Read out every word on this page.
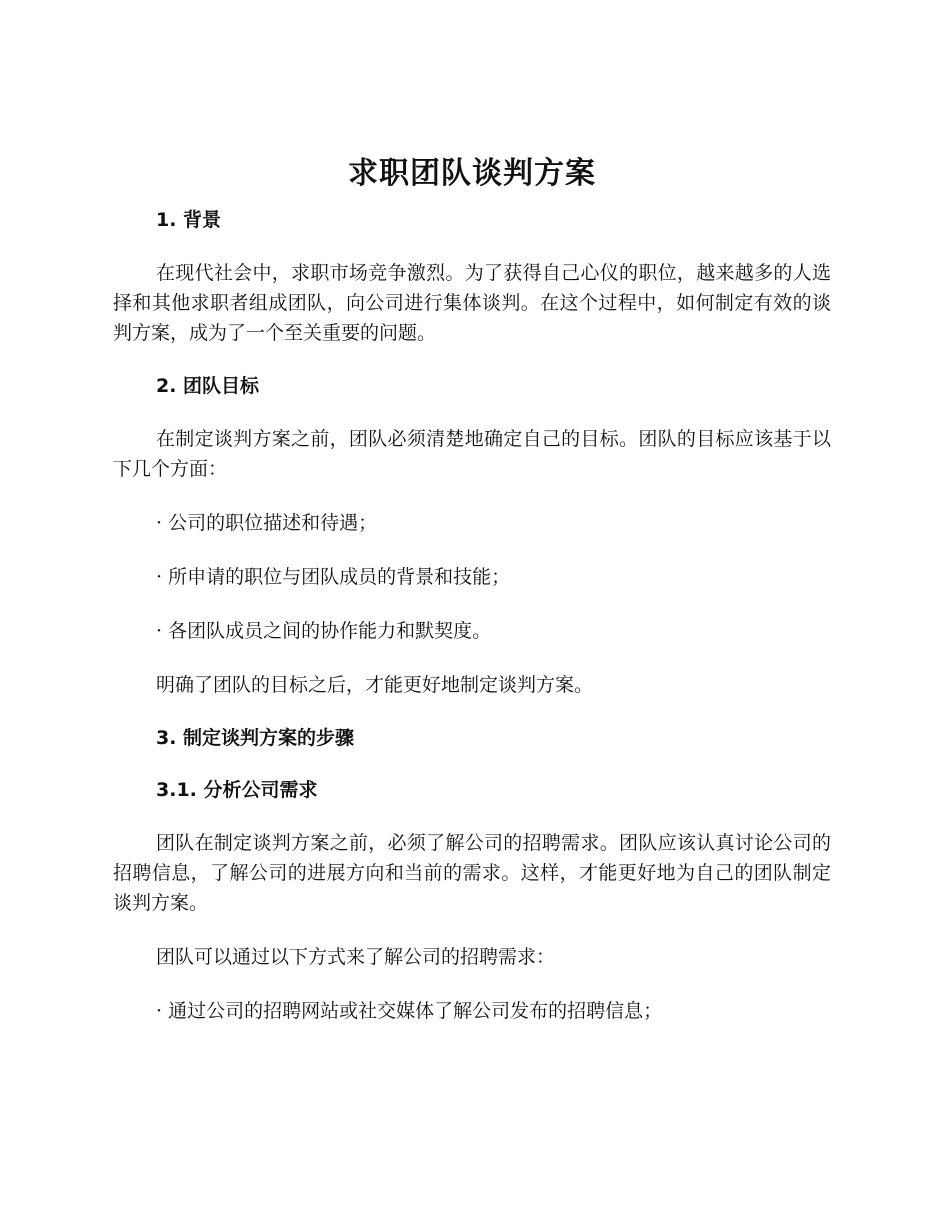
求职团队谈判方案

1. 背景

在现代社会中，求职市场竞争激烈。为了获得自己心仪的职位，越来越多的人选择和其他求职者组成团队，向公司进行集体谈判。在这个过程中，如何制定有效的谈判方案，成为了一个至关重要的问题。

2. 团队目标

在制定谈判方案之前，团队必须清楚地确定自己的目标。团队的目标应该基于以下几个方面：

· 公司的职位描述和待遇；

· 所申请的职位与团队成员的背景和技能；

· 各团队成员之间的协作能力和默契度。

明确了团队的目标之后，才能更好地制定谈判方案。

3. 制定谈判方案的步骤

3.1. 分析公司需求

团队在制定谈判方案之前，必须了解公司的招聘需求。团队应该认真讨论公司的招聘信息，了解公司的进展方向和当前的需求。这样，才能更好地为自己的团队制定谈判方案。

团队可以通过以下方式来了解公司的招聘需求：

· 通过公司的招聘网站或社交媒体了解公司发布的招聘信息；
